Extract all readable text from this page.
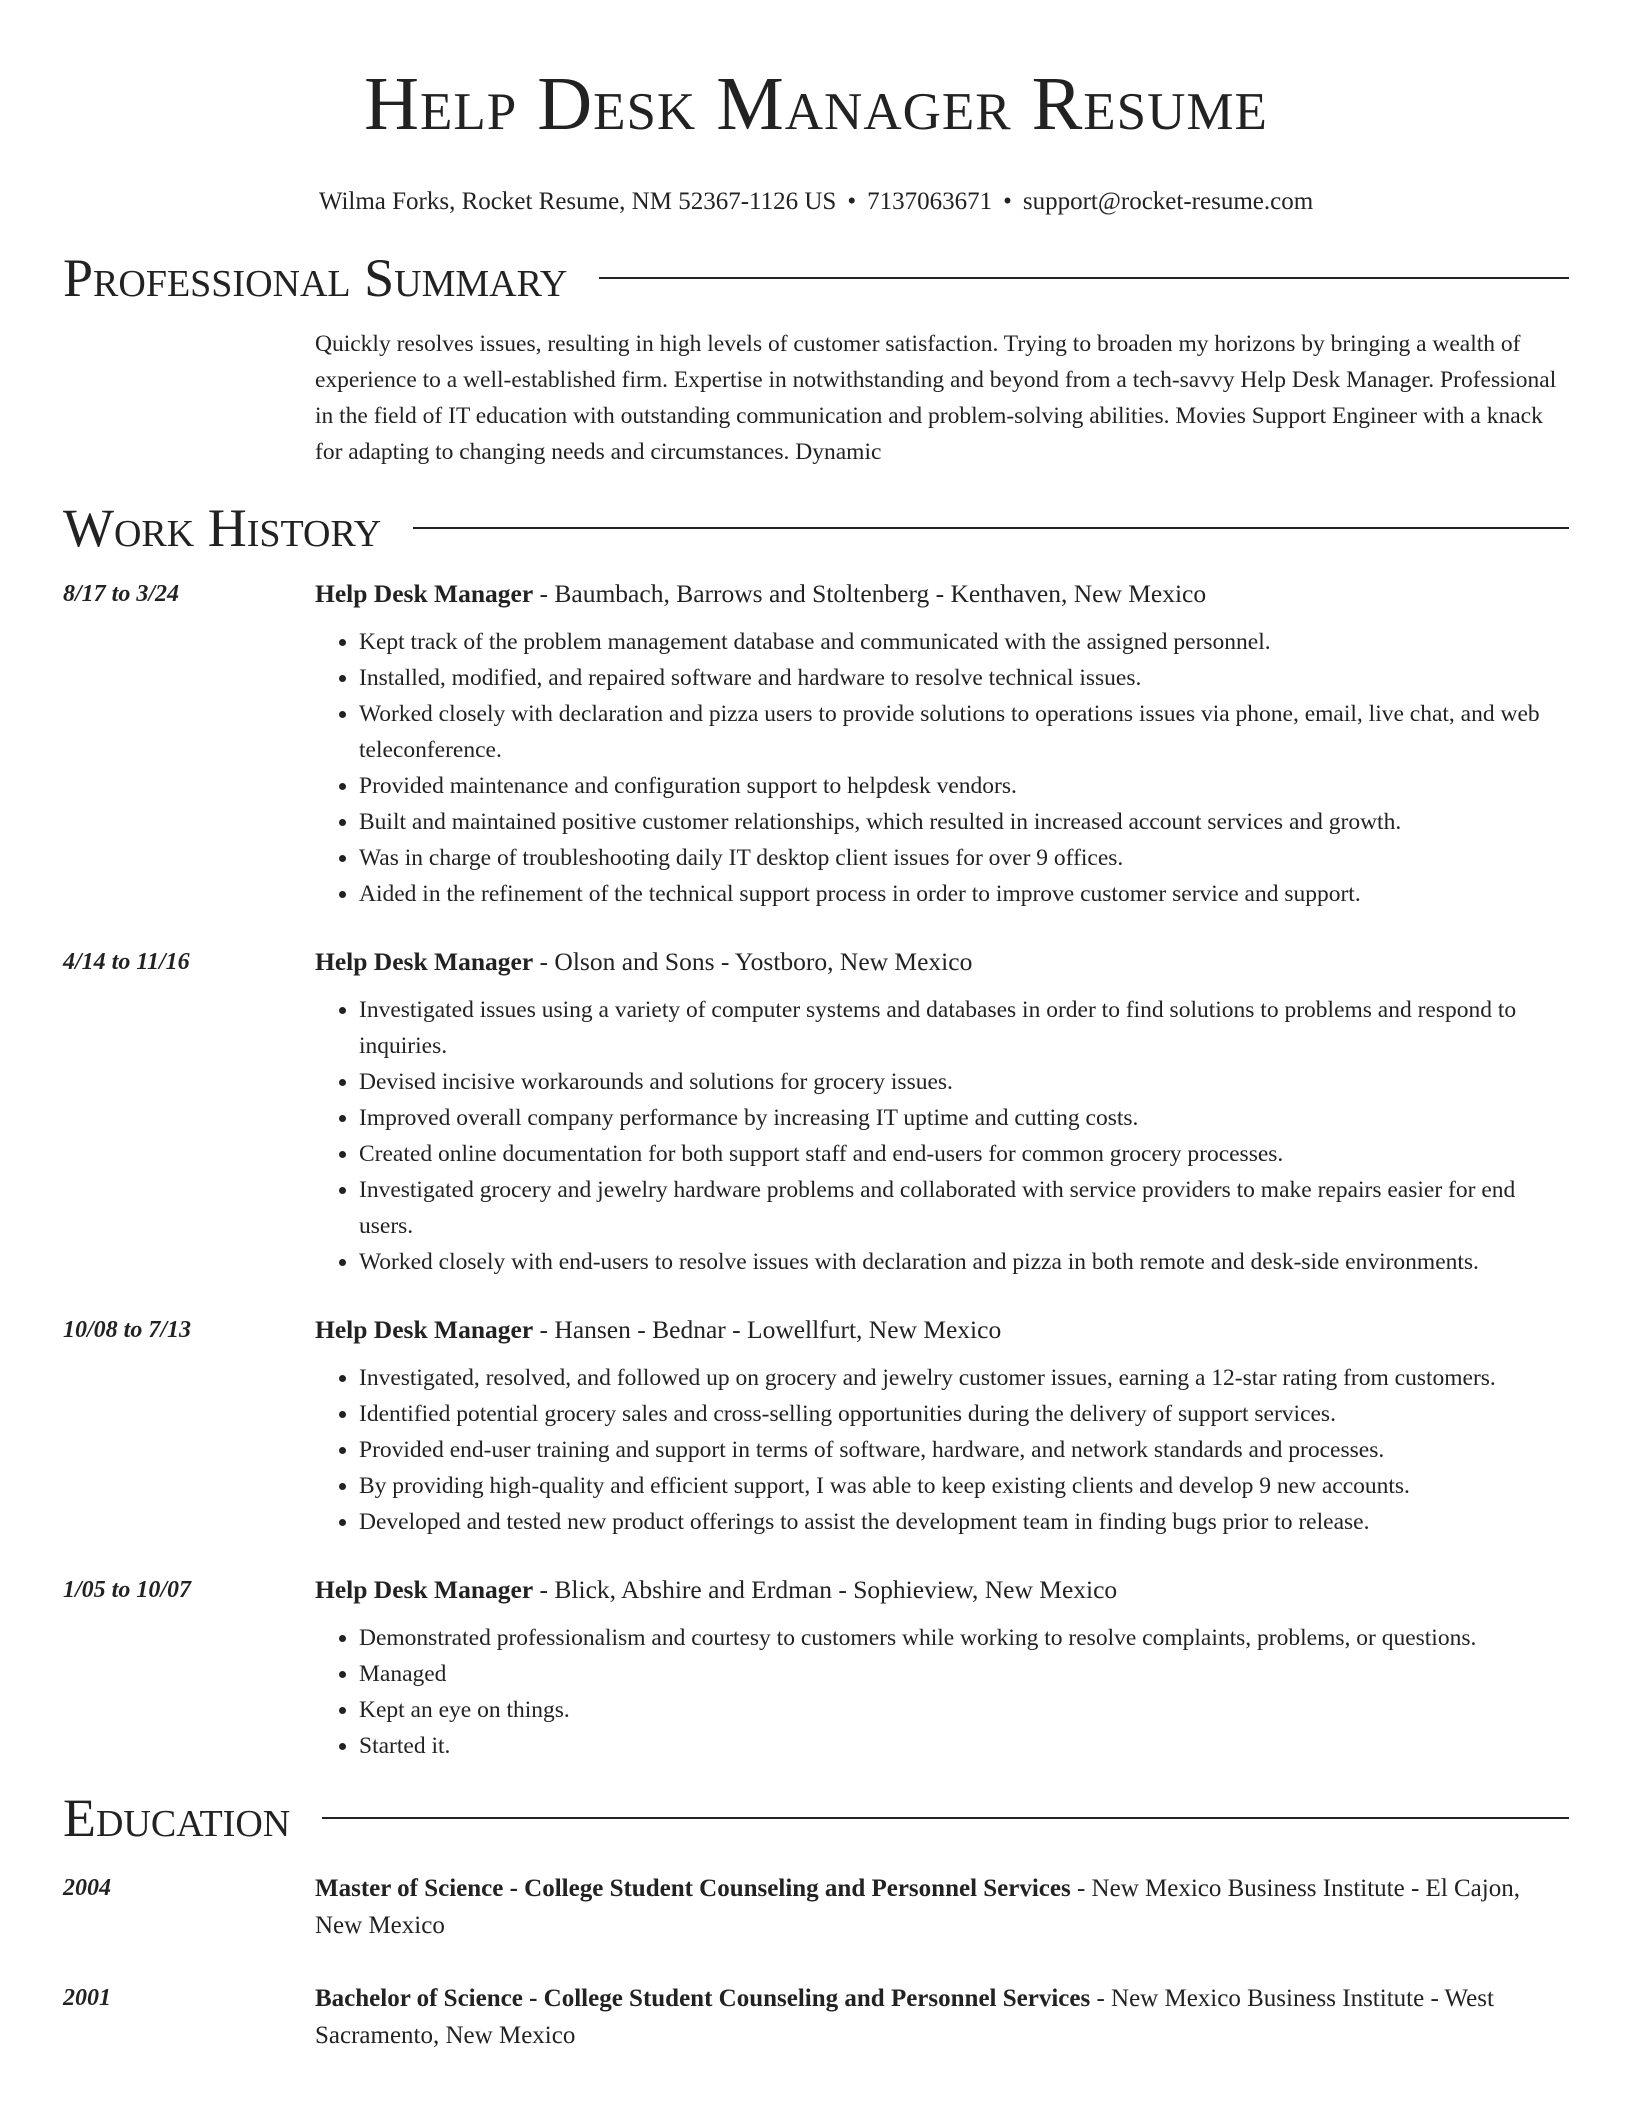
Help Desk Manager Resume
Wilma Forks, Rocket Resume, NM 52367-1126 US • 7137063671 • support@rocket-resume.com
Professional Summary

Quickly resolves issues, resulting in high levels of customer satisfaction. Trying to broaden my horizons by bringing a wealth of experience to a well-established firm. Expertise in notwithstanding and beyond from a tech-savvy Help Desk Manager. Professional in the field of IT education with outstanding communication and problem-solving abilities. Movies Support Engineer with a knack for adapting to changing needs and circumstances. Dynamic

Work History
8/17 to 3/24	Help Desk Manager - Baumbach, Barrows and Stoltenberg - Kenthaven, New Mexico
• Kept track of the problem management database and communicated with the assigned personnel.
• Installed, modified, and repaired software and hardware to resolve technical issues.
• Worked closely with declaration and pizza users to provide solutions to operations issues via phone, email, live chat, and web teleconference.
• Provided maintenance and configuration support to helpdesk vendors.
• Built and maintained positive customer relationships, which resulted in increased account services and growth.
• Was in charge of troubleshooting daily IT desktop client issues for over 9 offices.
• Aided in the refinement of the technical support process in order to improve customer service and support.
4/14 to 11/16	Help Desk Manager - Olson and Sons - Yostboro, New Mexico
• Investigated issues using a variety of computer systems and databases in order to find solutions to problems and respond to inquiries.
• Devised incisive workarounds and solutions for grocery issues.
• Improved overall company performance by increasing IT uptime and cutting costs.
• Created online documentation for both support staff and end-users for common grocery processes.
• Investigated grocery and jewelry hardware problems and collaborated with service providers to make repairs easier for end users.
• Worked closely with end-users to resolve issues with declaration and pizza in both remote and desk-side environments.
10/08 to 7/13	Help Desk Manager - Hansen - Bednar - Lowellfurt, New Mexico
• Investigated, resolved, and followed up on grocery and jewelry customer issues, earning a 12-star rating from customers.
• Identified potential grocery sales and cross-selling opportunities during the delivery of support services.
• Provided end-user training and support in terms of software, hardware, and network standards and processes.
• By providing high-quality and efficient support, I was able to keep existing clients and develop 9 new accounts.
• Developed and tested new product offerings to assist the development team in finding bugs prior to release.
1/05 to 10/07	Help Desk Manager - Blick, Abshire and Erdman - Sophieview, New Mexico
• Demonstrated professionalism and courtesy to customers while working to resolve complaints, problems, or questions.
• Managed
• Kept an eye on things.
• Started it.
Education
2004	Master of Science - College Student Counseling and Personnel Services - New Mexico Business Institute - El Cajon, New Mexico
2001	Bachelor of Science - College Student Counseling and Personnel Services - New Mexico Business Institute - West Sacramento, New Mexico
